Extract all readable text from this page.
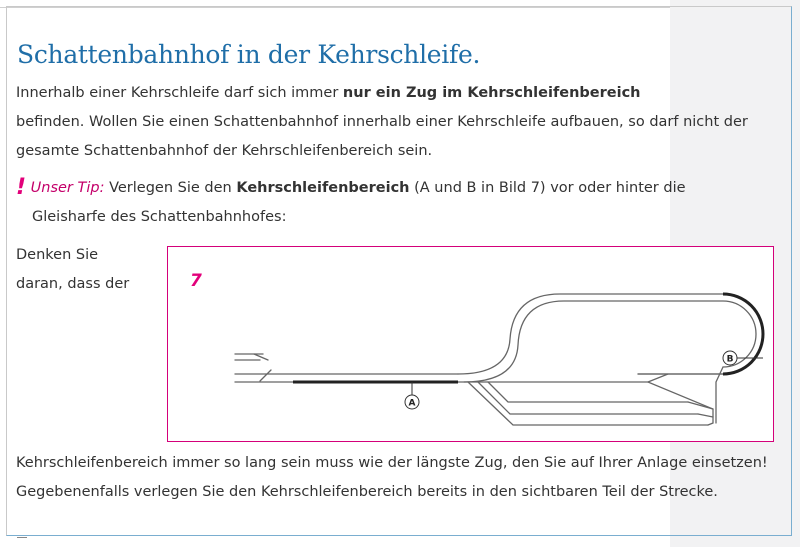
Schattenbahnhof in der Kehrschleife.

Innerhalb einer Kehrschleife darf sich immer nur ein Zug im Kehrschleifenbereich
befinden. Wollen Sie einen Schattenbahnhof innerhalb einer Kehrschleife aufbauen, so darf nicht der gesamte Schattenbahnhof der Kehrschleifenbereich sein.

! Unser Tip: Verlegen Sie den Kehrschleifenbereich (A und B in Bild 7) vor oder hinter die
Gleisharfe des Schattenbahnhofes:

Denken Sie
daran, dass der	7
A
B

Kehrschleifenbereich immer so lang sein muss wie der längste Zug, den Sie auf Ihrer Anlage einsetzen! Gegebenenfalls verlegen Sie den Kehrschleifenbereich bereits in den sichtbaren Teil der Strecke.
